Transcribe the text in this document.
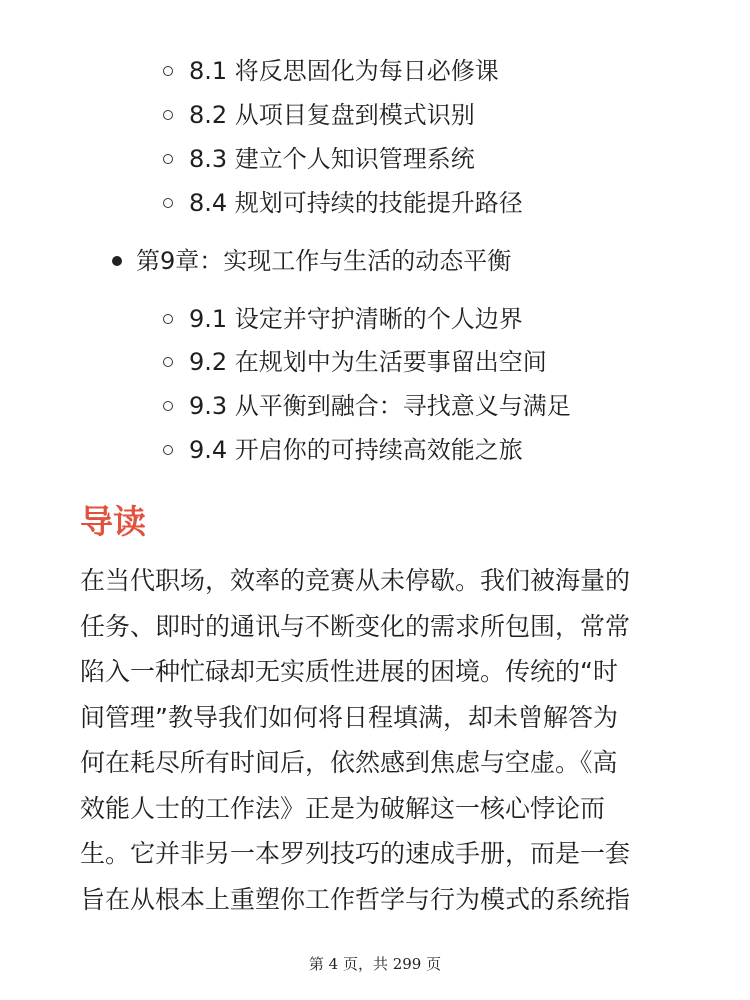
8.1 将反思固化为每日必修课
8.2 从项目复盘到模式识别
8.3 建立个人知识管理系统
8.4 规划可持续的技能提升路径
第9章：实现工作与生活的动态平衡
9.1 设定并守护清晰的个人边界
9.2 在规划中为生活要事留出空间
9.3 从平衡到融合：寻找意义与满足
9.4 开启你的可持续高效能之旅
导读
在当代职场，效率的竞赛从未停歇。我们被海量的
任务、即时的通讯与不断变化的需求所包围，常常
陷入一种忙碌却无实质性进展的困境。传统的“时
间管理”教导我们如何将日程填满，却未曾解答为
何在耗尽所有时间后，依然感到焦虑与空虚。《高
效能人士的工作法》正是为破解这一核心悖论而
生。它并非另一本罗列技巧的速成手册，而是一套
旨在从根本上重塑你工作哲学与行为模式的系统指
第 4 页，共 299 页
